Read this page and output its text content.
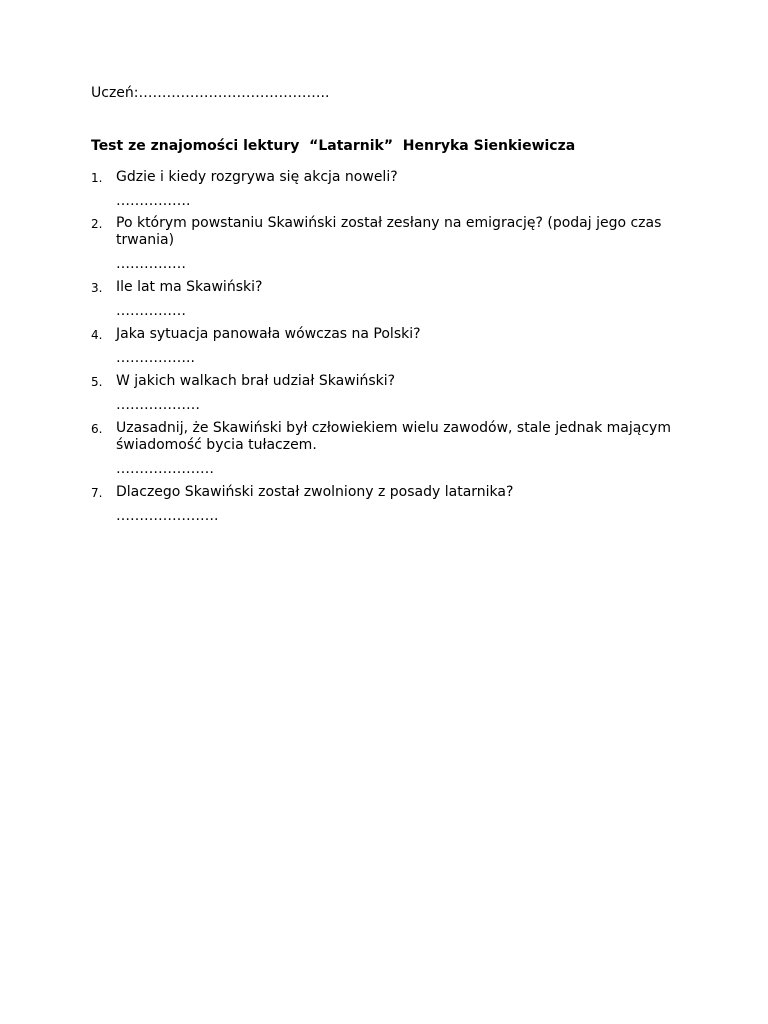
Uczeń:…………………………………..
Test ze znajomości lektury  “Latarnik”  Henryka Sienkiewicza
1. Gdzie i kiedy rozgrywa się akcja noweli?
…………….
2. Po którym powstaniu Skawiński został zesłany na emigrację? (podaj jego czas trwania)
……………
3. Ile lat ma Skawiński?
……………
4. Jaka sytuacja panowała wówczas na Polski?
……………..
5. W jakich walkach brał udział Skawiński?
………………
6. Uzasadnij, że Skawiński był człowiekiem wielu zawodów, stale jednak mającym świadomość bycia tułaczem.
…………………
7. Dlaczego Skawiński został zwolniony z posady latarnika?
………………….
